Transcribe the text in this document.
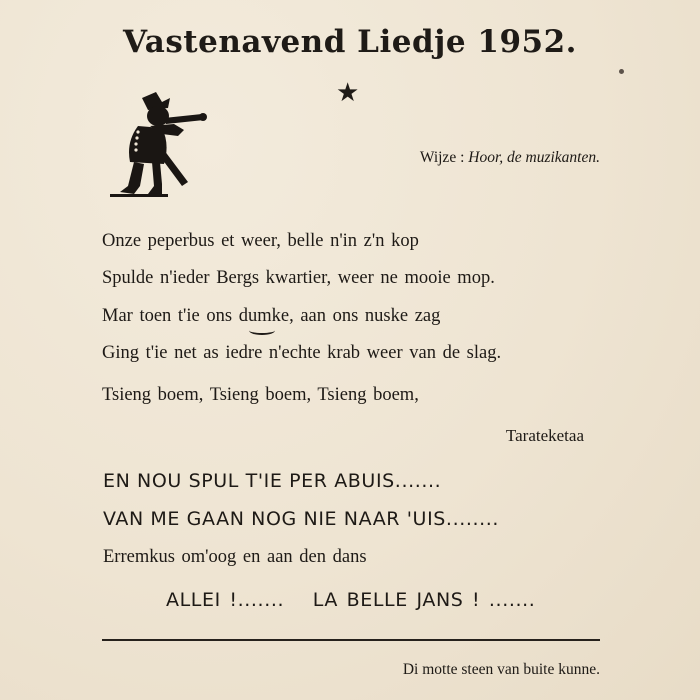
Vastenavend Liedje 1952.
★
Wijze : Hoor, de muzikanten.
Onze peperbus et weer, belle n'in z'n kop
Spulde n'ieder Bergs kwartier, weer ne mooie mop.
Mar toen t'ie ons dumke, aan ons nuske zag
Ging t'ie net as iedre n'echte krab weer van de slag.
Tsieng boem, Tsieng boem, Tsieng boem,
Tarateketaa
EN NOU SPUL T'IE PER ABUIS.......
VAN ME GAAN NOG NIE NAAR 'UIS........
Erremkus om'oog en aan den dans
ALLEI !....... LA BELLE JANS ! .......
Di motte steen van buite kunne.
